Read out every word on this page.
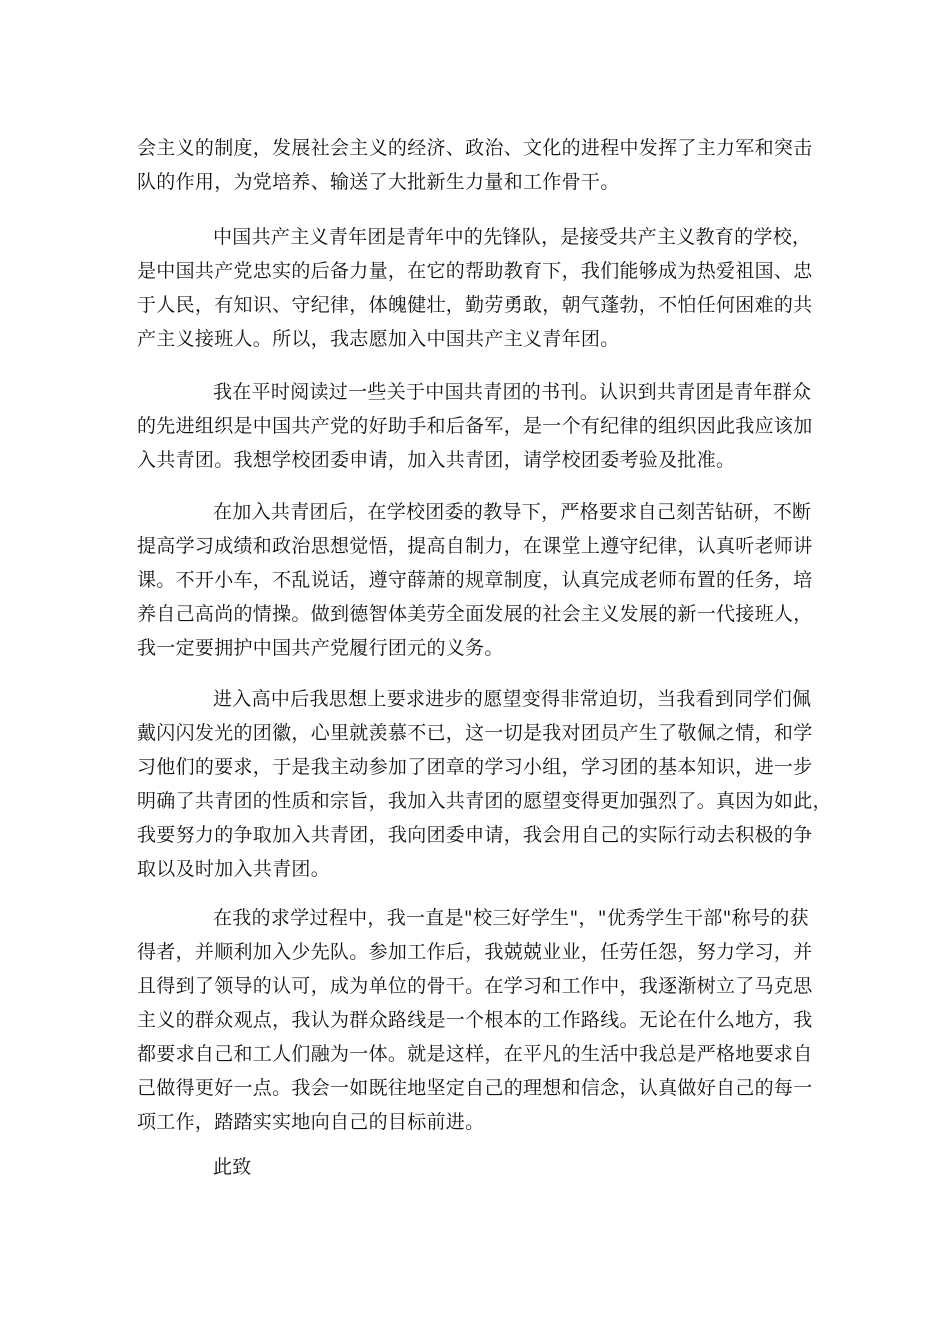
会主义的制度，发展社会主义的经济、政治、文化的进程中发挥了主力军和突击
队的作用，为党培养、输送了大批新生力量和工作骨干。

中国共产主义青年团是青年中的先锋队，是接受共产主义教育的学校，
是中国共产党忠实的后备力量，在它的帮助教育下，我们能够成为热爱祖国、忠
于人民，有知识、守纪律，体魄健壮，勤劳勇敢，朝气蓬勃，不怕任何困难的共
产主义接班人。所以，我志愿加入中国共产主义青年团。

我在平时阅读过一些关于中国共青团的书刊。认识到共青团是青年群众
的先进组织是中国共产党的好助手和后备军，是一个有纪律的组织因此我应该加
入共青团。我想学校团委申请，加入共青团，请学校团委考验及批准。

在加入共青团后，在学校团委的教导下，严格要求自己刻苦钻研，不断
提高学习成绩和政治思想觉悟，提高自制力，在课堂上遵守纪律，认真听老师讲
课。不开小车，不乱说话，遵守薛萧的规章制度，认真完成老师布置的任务，培
养自己高尚的情操。做到德智体美劳全面发展的社会主义发展的新一代接班人，
我一定要拥护中国共产党履行团元的义务。

进入高中后我思想上要求进步的愿望变得非常迫切，当我看到同学们佩
戴闪闪发光的团徽，心里就羡慕不已，这一切是我对团员产生了敬佩之情，和学
习他们的要求，于是我主动参加了团章的学习小组，学习团的基本知识，进一步
明确了共青团的性质和宗旨，我加入共青团的愿望变得更加强烈了。真因为如此，
我要努力的争取加入共青团，我向团委申请，我会用自己的实际行动去积极的争
取以及时加入共青团。

在我的求学过程中，我一直是"校三好学生"，"优秀学生干部"称号的获
得者，并顺利加入少先队。参加工作后，我兢兢业业，任劳任怨，努力学习，并
且得到了领导的认可，成为单位的骨干。在学习和工作中，我逐渐树立了马克思
主义的群众观点，我认为群众路线是一个根本的工作路线。无论在什么地方，我
都要求自己和工人们融为一体。就是这样，在平凡的生活中我总是严格地要求自
己做得更好一点。我会一如既往地坚定自己的理想和信念，认真做好自己的每一
项工作，踏踏实实地向自己的目标前进。

此致
